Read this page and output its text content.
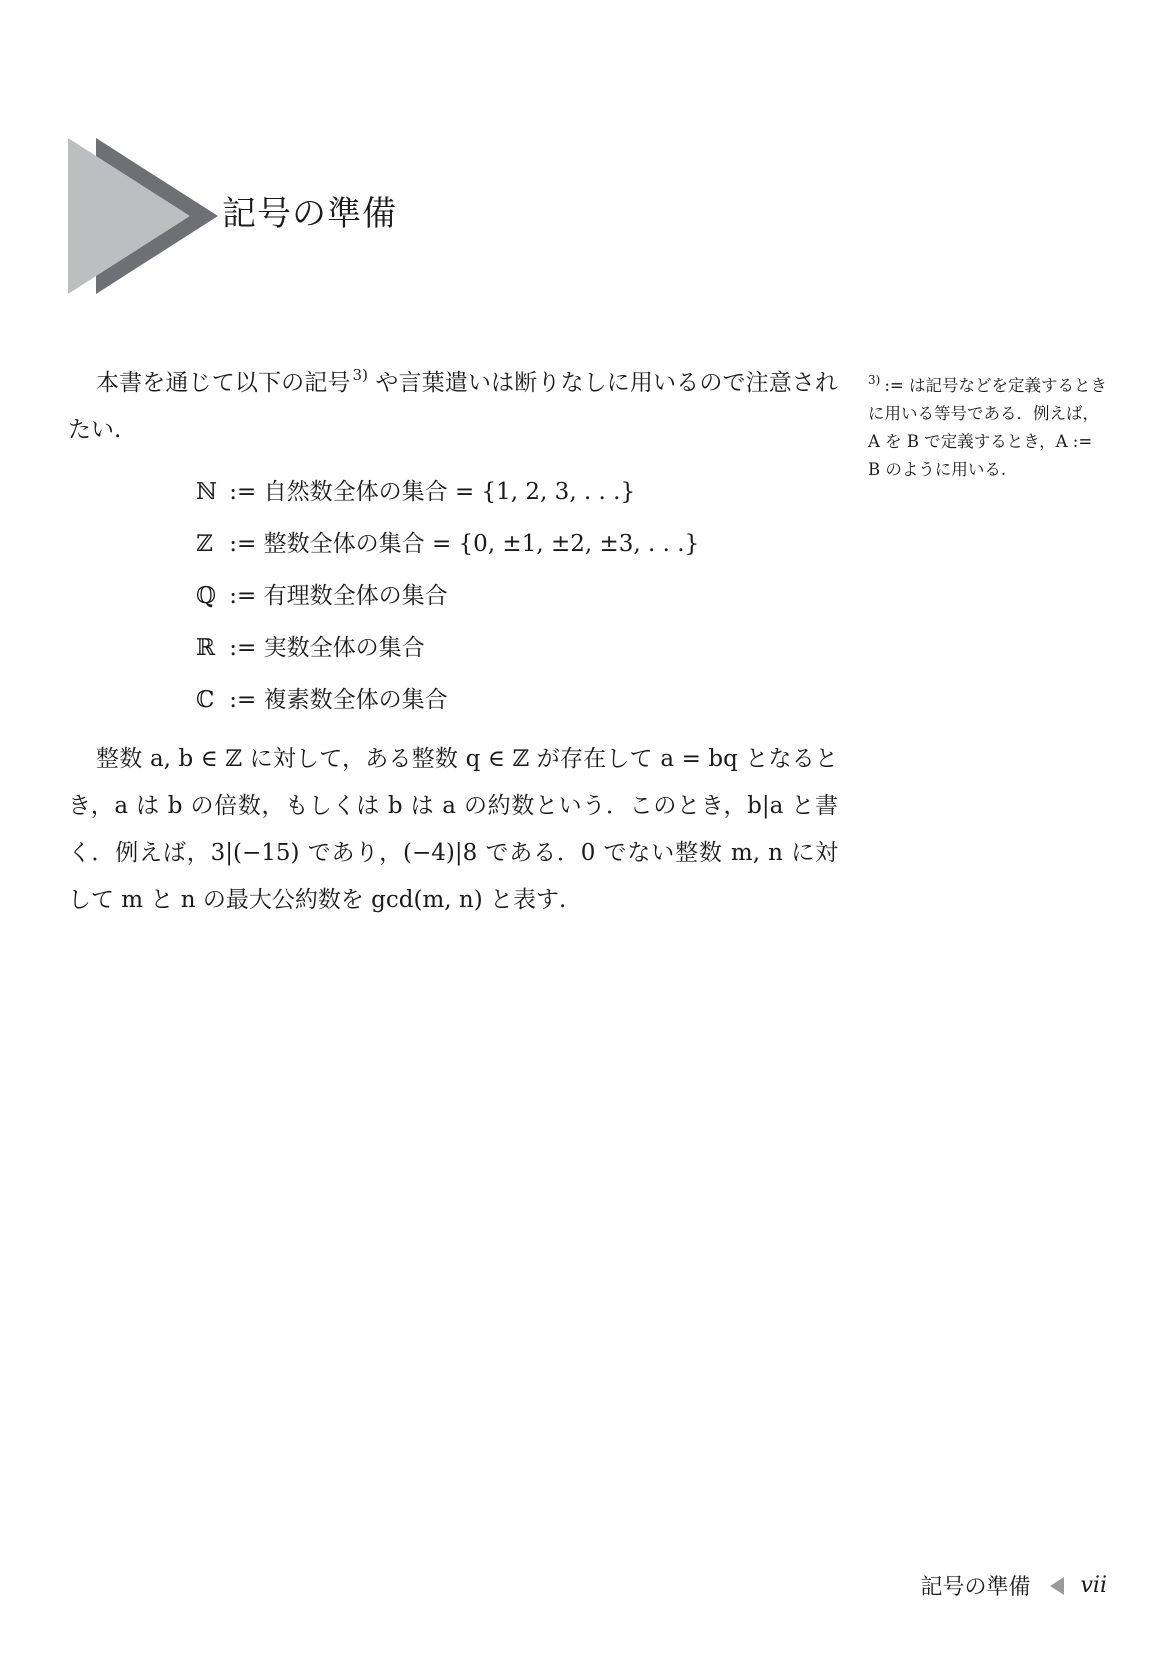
記号の準備

本書を通じて以下の記号 $^{3)}$ や言葉遣いは断りなしに用いるので注意されたい.

ℕ := 自然数全体の集合 = {1, 2, 3, . . .}
ℤ := 整数全体の集合 = {0, ±1, ±2, ±3, . . .}
ℚ := 有理数全体の集合
ℝ := 実数全体の集合
ℂ := 複素数全体の集合

整数 a, b ∈ ℤ に対して，ある整数 q ∈ ℤ が存在して a = bq となるとき，a は b の倍数，もしくは b は a の約数という．このとき，b|a と書く．例えば，3|(−15) であり，(−4)|8 である．0 でない整数 m, n に対して m と n の最大公約数を gcd(m, n) と表す.

$^{3)}$ := は記号などを定義するときに用いる等号である．例えば，A を B で定義するとき，A := B のように用いる.
記号の準備 vii
